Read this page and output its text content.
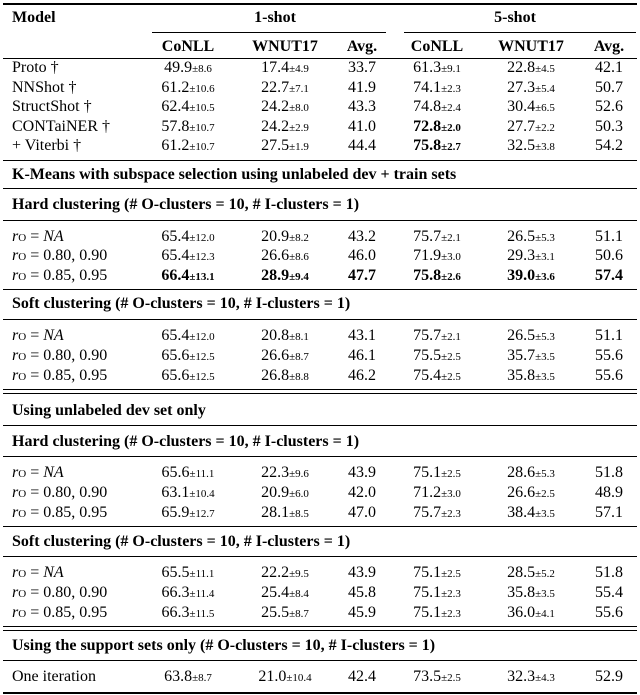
Model	1-shot	5-shot
CoNLL	WNUT17	Avg.	CoNLL	WNUT17	Avg.
Proto †	49.9±8.6	17.4±4.9	33.7	61.3±9.1	22.8±4.5	42.1
NNShot †	61.2±10.6	22.7±7.1	41.9	74.1±2.3	27.3±5.4	50.7
StructShot †	62.4±10.5	24.2±8.0	43.3	74.8±2.4	30.4±6.5	52.6
CONTaiNER †	57.8±10.7	24.2±2.9	41.0	72.8±2.0	27.7±2.2	50.3
+ Viterbi †	61.2±10.7	27.5±1.9	44.4	75.8±2.7	32.5±3.8	54.2
K-Means with subspace selection using unlabeled dev + train sets
Hard clustering (# O-clusters = 10, # I-clusters = 1)
rO = NA	65.4±12.0	20.9±8.2	43.2	75.7±2.1	26.5±5.3	51.1
rO = 0.80, 0.90	65.4±12.3	26.6±8.6	46.0	71.9±3.0	29.3±3.1	50.6
rO = 0.85, 0.95	66.4±13.1	28.9±9.4	47.7	75.8±2.6	39.0±3.6	57.4
Soft clustering (# O-clusters = 10, # I-clusters = 1)
rO = NA	65.4±12.0	20.8±8.1	43.1	75.7±2.1	26.5±5.3	51.1
rO = 0.80, 0.90	65.6±12.5	26.6±8.7	46.1	75.5±2.5	35.7±3.5	55.6
rO = 0.85, 0.95	65.6±12.5	26.8±8.8	46.2	75.4±2.5	35.8±3.5	55.6
Using unlabeled dev set only
Hard clustering (# O-clusters = 10, # I-clusters = 1)
rO = NA	65.6±11.1	22.3±9.6	43.9	75.1±2.5	28.6±5.3	51.8
rO = 0.80, 0.90	63.1±10.4	20.9±6.0	42.0	71.2±3.0	26.6±2.5	48.9
rO = 0.85, 0.95	65.9±12.7	28.1±8.5	47.0	75.7±2.3	38.4±3.5	57.1
Soft clustering (# O-clusters = 10, # I-clusters = 1)
rO = NA	65.5±11.1	22.2±9.5	43.9	75.1±2.5	28.5±5.2	51.8
rO = 0.80, 0.90	66.3±11.4	25.4±8.4	45.8	75.1±2.3	35.8±3.5	55.4
rO = 0.85, 0.95	66.3±11.5	25.5±8.7	45.9	75.1±2.3	36.0±4.1	55.6
Using the support sets only (# O-clusters = 10, # I-clusters = 1)
One iteration	63.8±8.7	21.0±10.4	42.4	73.5±2.5	32.3±4.3	52.9
